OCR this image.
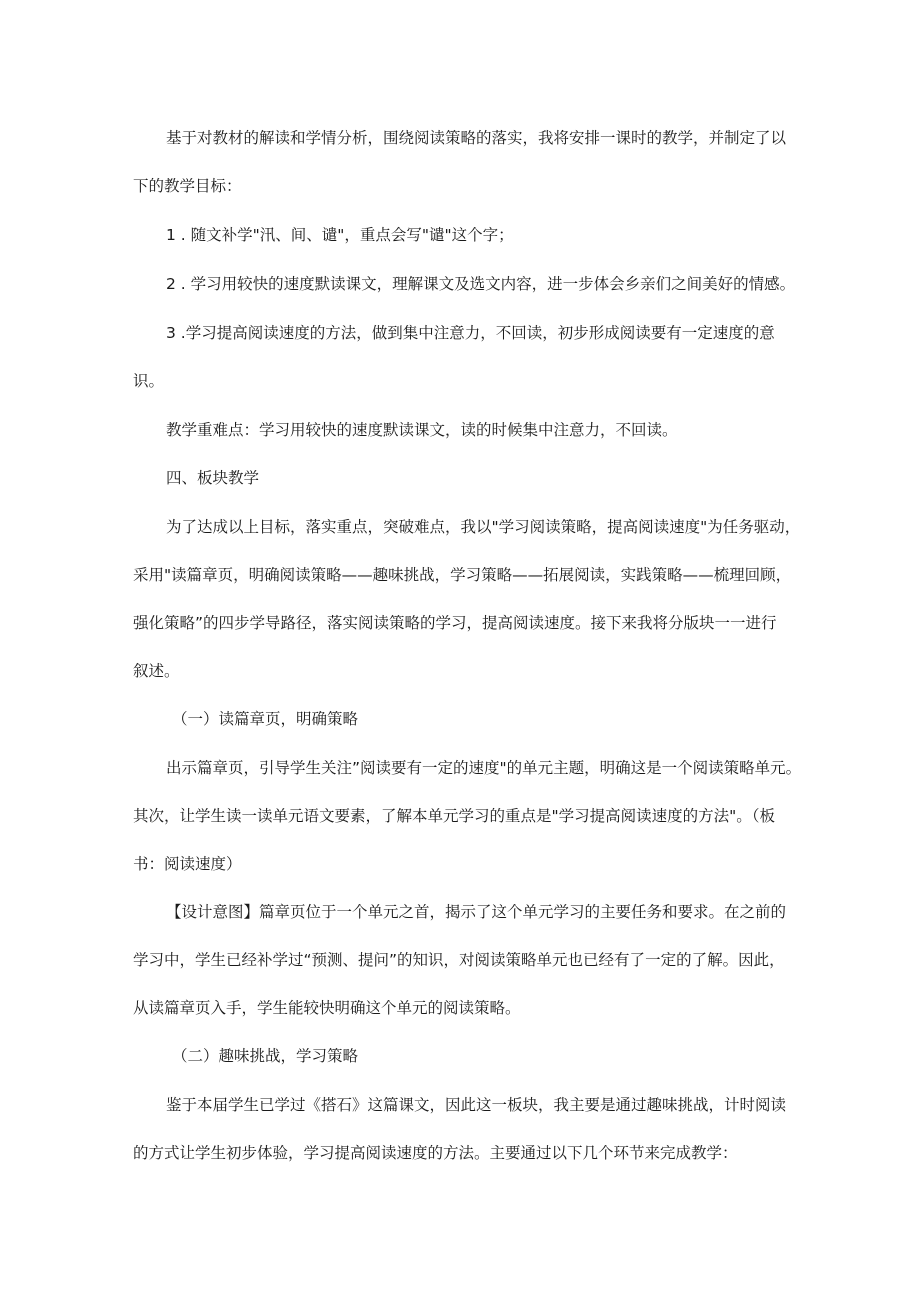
基于对教材的解读和学情分析，围绕阅读策略的落实，我将安排一课时的教学，并制定了以
下的教学目标：
1 . 随文补学"汛、间、谴"，重点会写"谴"这个字；
2 . 学习用较快的速度默读课文，理解课文及选文内容，进一步体会乡亲们之间美好的情感。
3 .学习提高阅读速度的方法，做到集中注意力，不回读，初步形成阅读要有一定速度的意
识。
教学重难点：学习用较快的速度默读课文，读的时候集中注意力，不回读。
四、板块教学
为了达成以上目标，落实重点，突破难点，我以"学习阅读策略，提高阅读速度"为任务驱动，
采用"读篇章页，明确阅读策略——趣味挑战，学习策略——拓展阅读，实践策略——梳理回顾，
强化策略”的四步学导路径，落实阅读策略的学习，提高阅读速度。接下来我将分版块一一进行
叙述。
（一）读篇章页，明确策略
出示篇章页，引导学生关注”阅读要有一定的速度"的单元主题，明确这是一个阅读策略单元。
其次，让学生读一读单元语文要素，了解本单元学习的重点是"学习提高阅读速度的方法"。（板
书：阅读速度）
【设计意图】篇章页位于一个单元之首，揭示了这个单元学习的主要任务和要求。在之前的
学习中，学生已经补学过“预测、提问”的知识，对阅读策略单元也已经有了一定的了解。因此，
从读篇章页入手，学生能较快明确这个单元的阅读策略。
（二）趣味挑战，学习策略
鉴于本届学生已学过《搭石》这篇课文，因此这一板块，我主要是通过趣味挑战，计时阅读
的方式让学生初步体验，学习提高阅读速度的方法。主要通过以下几个环节来完成教学：
